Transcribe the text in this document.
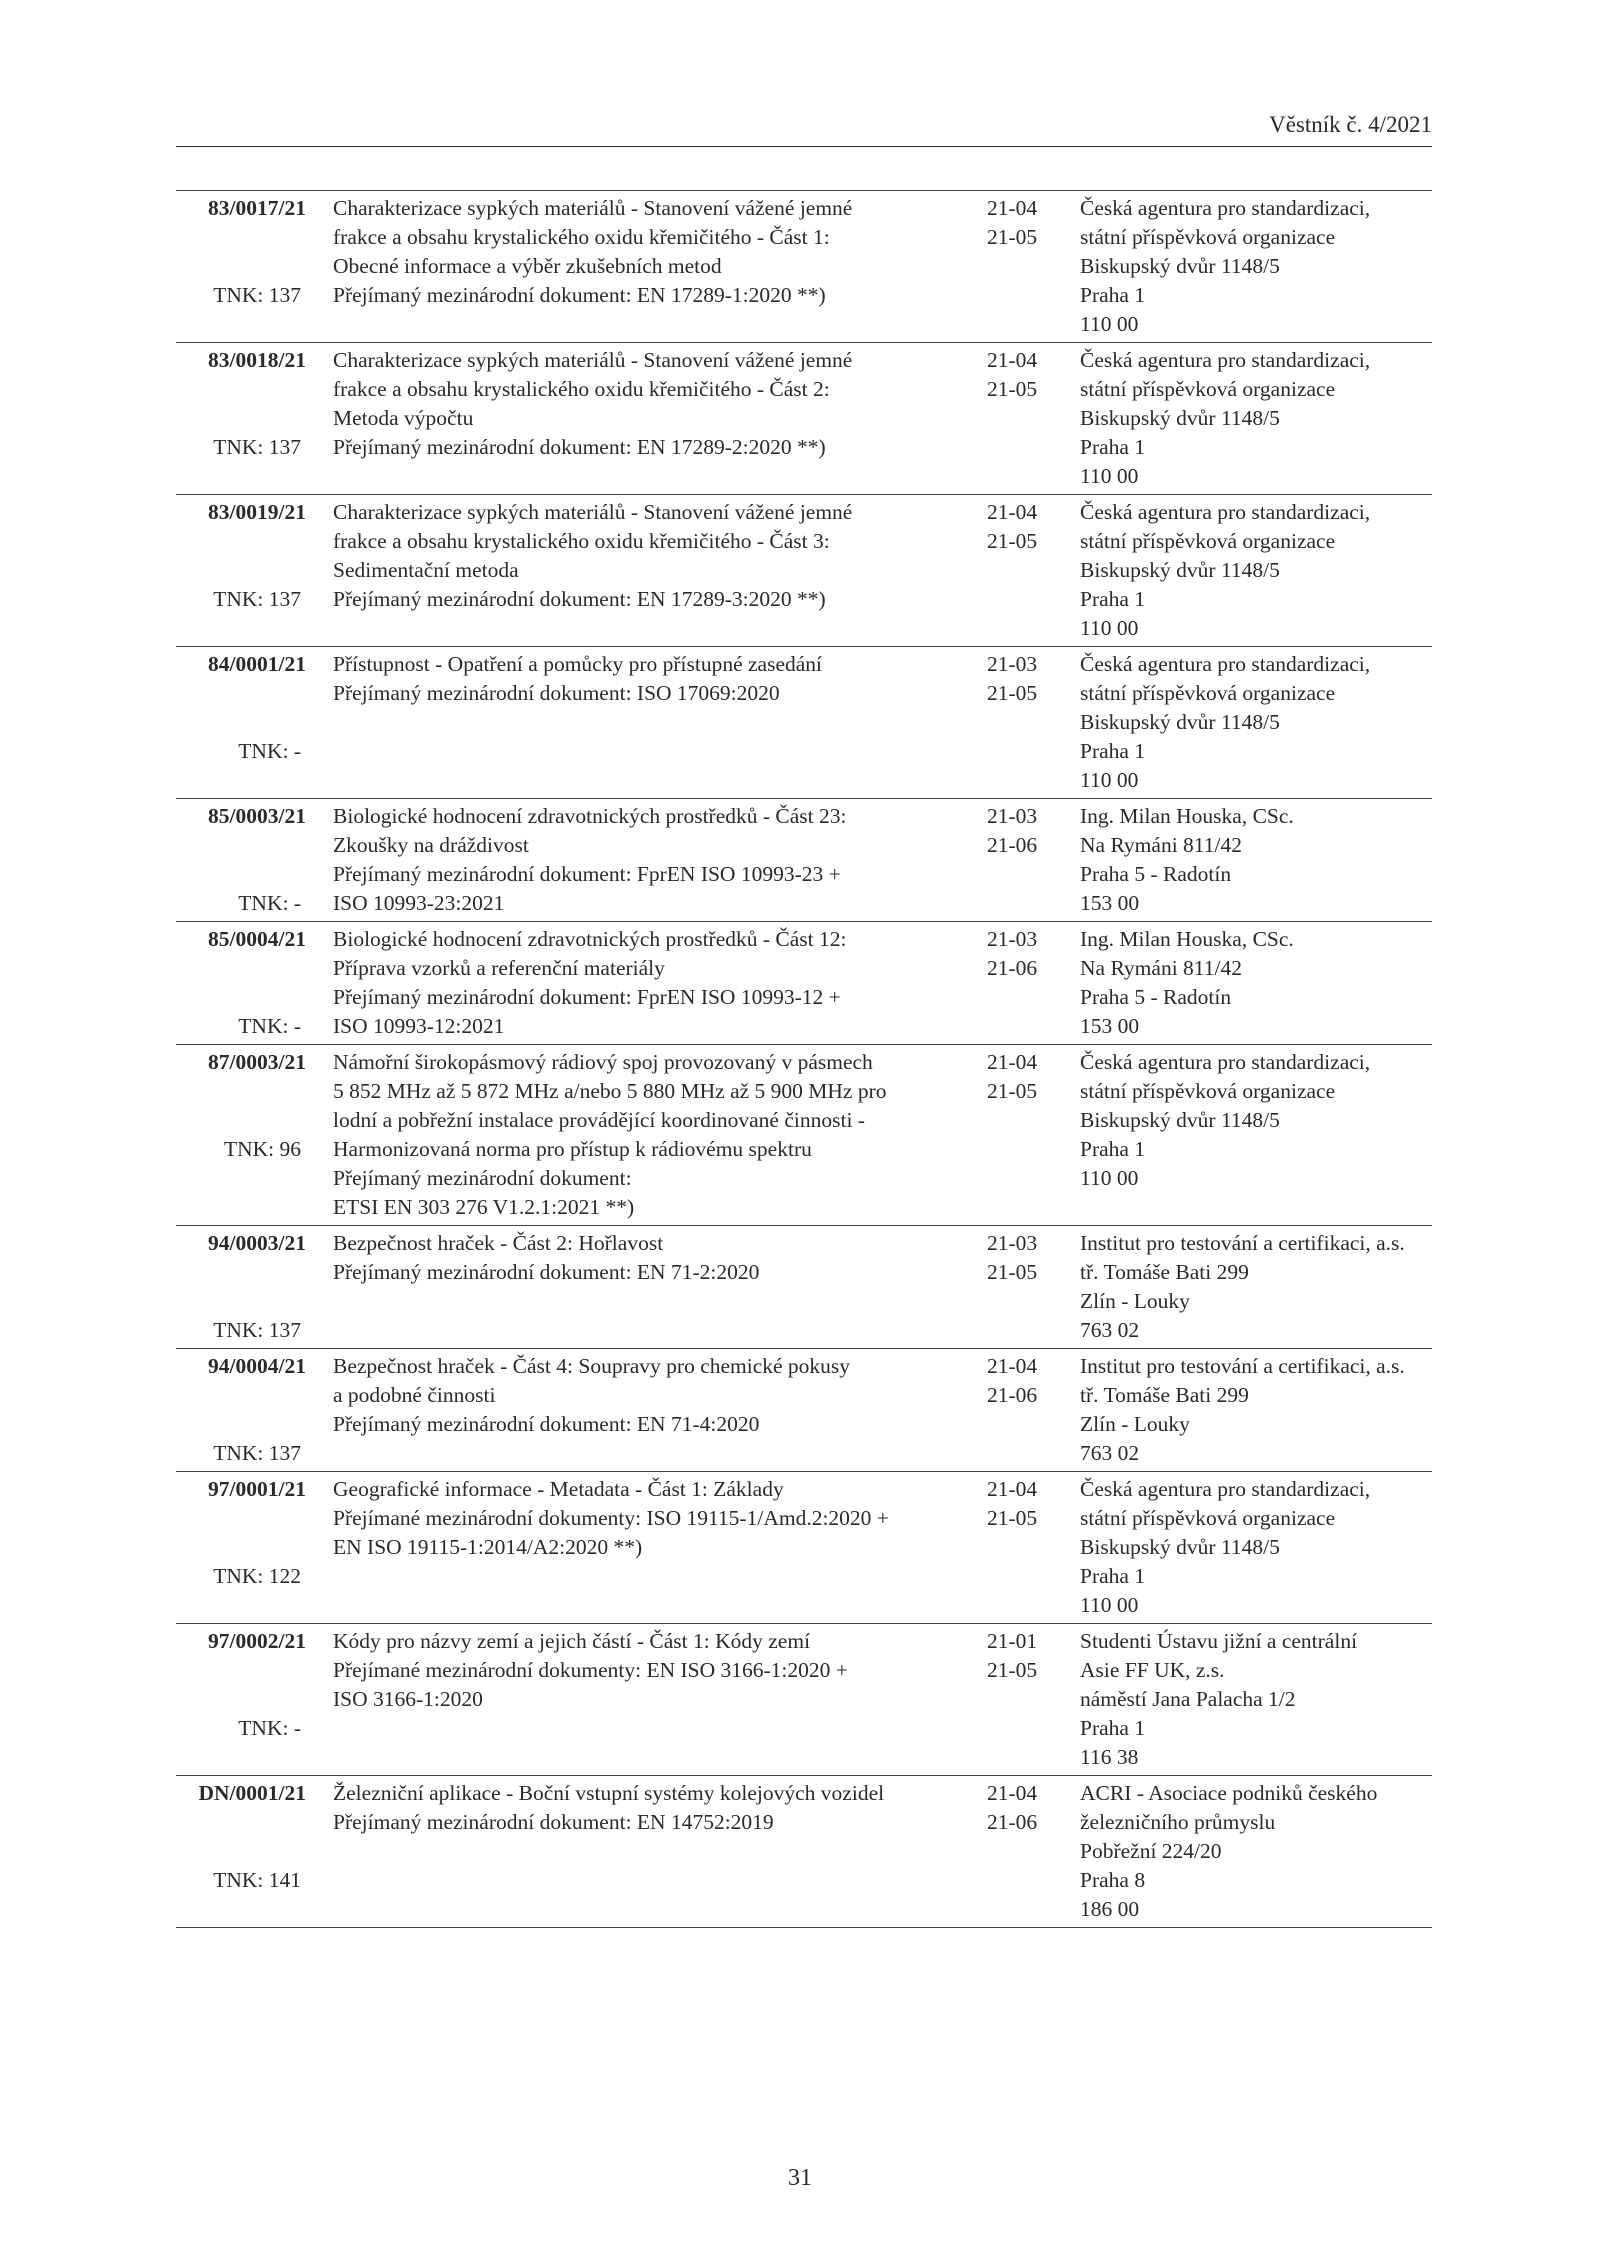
Věstník č. 4/2021
83/0017/21
TNK: 137
Charakterizace sypkých materiálů - Stanovení vážené jemné
frakce a obsahu krystalického oxidu křemičitého - Část 1:
Obecné informace a výběr zkušebních metod
Přejímaný mezinárodní dokument: EN 17289-1:2020 **)
21-04
21-05
Česká agentura pro standardizaci,
státní příspěvková organizace
Biskupský dvůr 1148/5
Praha 1
110 00
83/0018/21
TNK: 137
Charakterizace sypkých materiálů - Stanovení vážené jemné
frakce a obsahu krystalického oxidu křemičitého - Část 2:
Metoda výpočtu
Přejímaný mezinárodní dokument: EN 17289-2:2020 **)
21-04
21-05
Česká agentura pro standardizaci,
státní příspěvková organizace
Biskupský dvůr 1148/5
Praha 1
110 00
83/0019/21
TNK: 137
Charakterizace sypkých materiálů - Stanovení vážené jemné
frakce a obsahu krystalického oxidu křemičitého - Část 3:
Sedimentační metoda
Přejímaný mezinárodní dokument: EN 17289-3:2020 **)
21-04
21-05
Česká agentura pro standardizaci,
státní příspěvková organizace
Biskupský dvůr 1148/5
Praha 1
110 00
84/0001/21
TNK: -
Přístupnost - Opatření a pomůcky pro přístupné zasedání
Přejímaný mezinárodní dokument: ISO 17069:2020
21-03
21-05
Česká agentura pro standardizaci,
státní příspěvková organizace
Biskupský dvůr 1148/5
Praha 1
110 00
85/0003/21
TNK: -
Biologické hodnocení zdravotnických prostředků - Část 23:
Zkoušky na dráždivost
Přejímaný mezinárodní dokument: FprEN ISO 10993-23 +
ISO 10993-23:2021
21-03
21-06
Ing. Milan Houska, CSc.
Na Rymáni 811/42
Praha 5 - Radotín
153 00
85/0004/21
TNK: -
Biologické hodnocení zdravotnických prostředků - Část 12:
Příprava vzorků a referenční materiály
Přejímaný mezinárodní dokument: FprEN ISO 10993-12 +
ISO 10993-12:2021
21-03
21-06
Ing. Milan Houska, CSc.
Na Rymáni 811/42
Praha 5 - Radotín
153 00
87/0003/21
TNK: 96
Námořní širokopásmový rádiový spoj provozovaný v pásmech
5 852 MHz až 5 872 MHz a/nebo 5 880 MHz až 5 900 MHz pro
lodní a pobřežní instalace provádějící koordinované činnosti -
Harmonizovaná norma pro přístup k rádiovému spektru
Přejímaný mezinárodní dokument:
ETSI EN 303 276 V1.2.1:2021 **)
21-04
21-05
Česká agentura pro standardizaci,
státní příspěvková organizace
Biskupský dvůr 1148/5
Praha 1
110 00
94/0003/21
TNK: 137
Bezpečnost hraček - Část 2: Hořlavost
Přejímaný mezinárodní dokument: EN 71-2:2020
21-03
21-05
Institut pro testování a certifikaci, a.s.
tř. Tomáše Bati 299
Zlín - Louky
763 02
94/0004/21
TNK: 137
Bezpečnost hraček - Část 4: Soupravy pro chemické pokusy
a podobné činnosti
Přejímaný mezinárodní dokument: EN 71-4:2020
21-04
21-06
Institut pro testování a certifikaci, a.s.
tř. Tomáše Bati 299
Zlín - Louky
763 02
97/0001/21
TNK: 122
Geografické informace - Metadata - Část 1: Základy
Přejímané mezinárodní dokumenty: ISO 19115-1/Amd.2:2020 +
EN ISO 19115-1:2014/A2:2020 **)
21-04
21-05
Česká agentura pro standardizaci,
státní příspěvková organizace
Biskupský dvůr 1148/5
Praha 1
110 00
97/0002/21
TNK: -
Kódy pro názvy zemí a jejich částí - Část 1: Kódy zemí
Přejímané mezinárodní dokumenty: EN ISO 3166-1:2020 +
ISO 3166-1:2020
21-01
21-05
Studenti Ústavu jižní a centrální
Asie FF UK, z.s.
náměstí Jana Palacha 1/2
Praha 1
116 38
DN/0001/21
TNK: 141
Železniční aplikace - Boční vstupní systémy kolejových vozidel
Přejímaný mezinárodní dokument: EN 14752:2019
21-04
21-06
ACRI - Asociace podniků českého
železničního průmyslu
Pobřežní 224/20
Praha 8
186 00
31
